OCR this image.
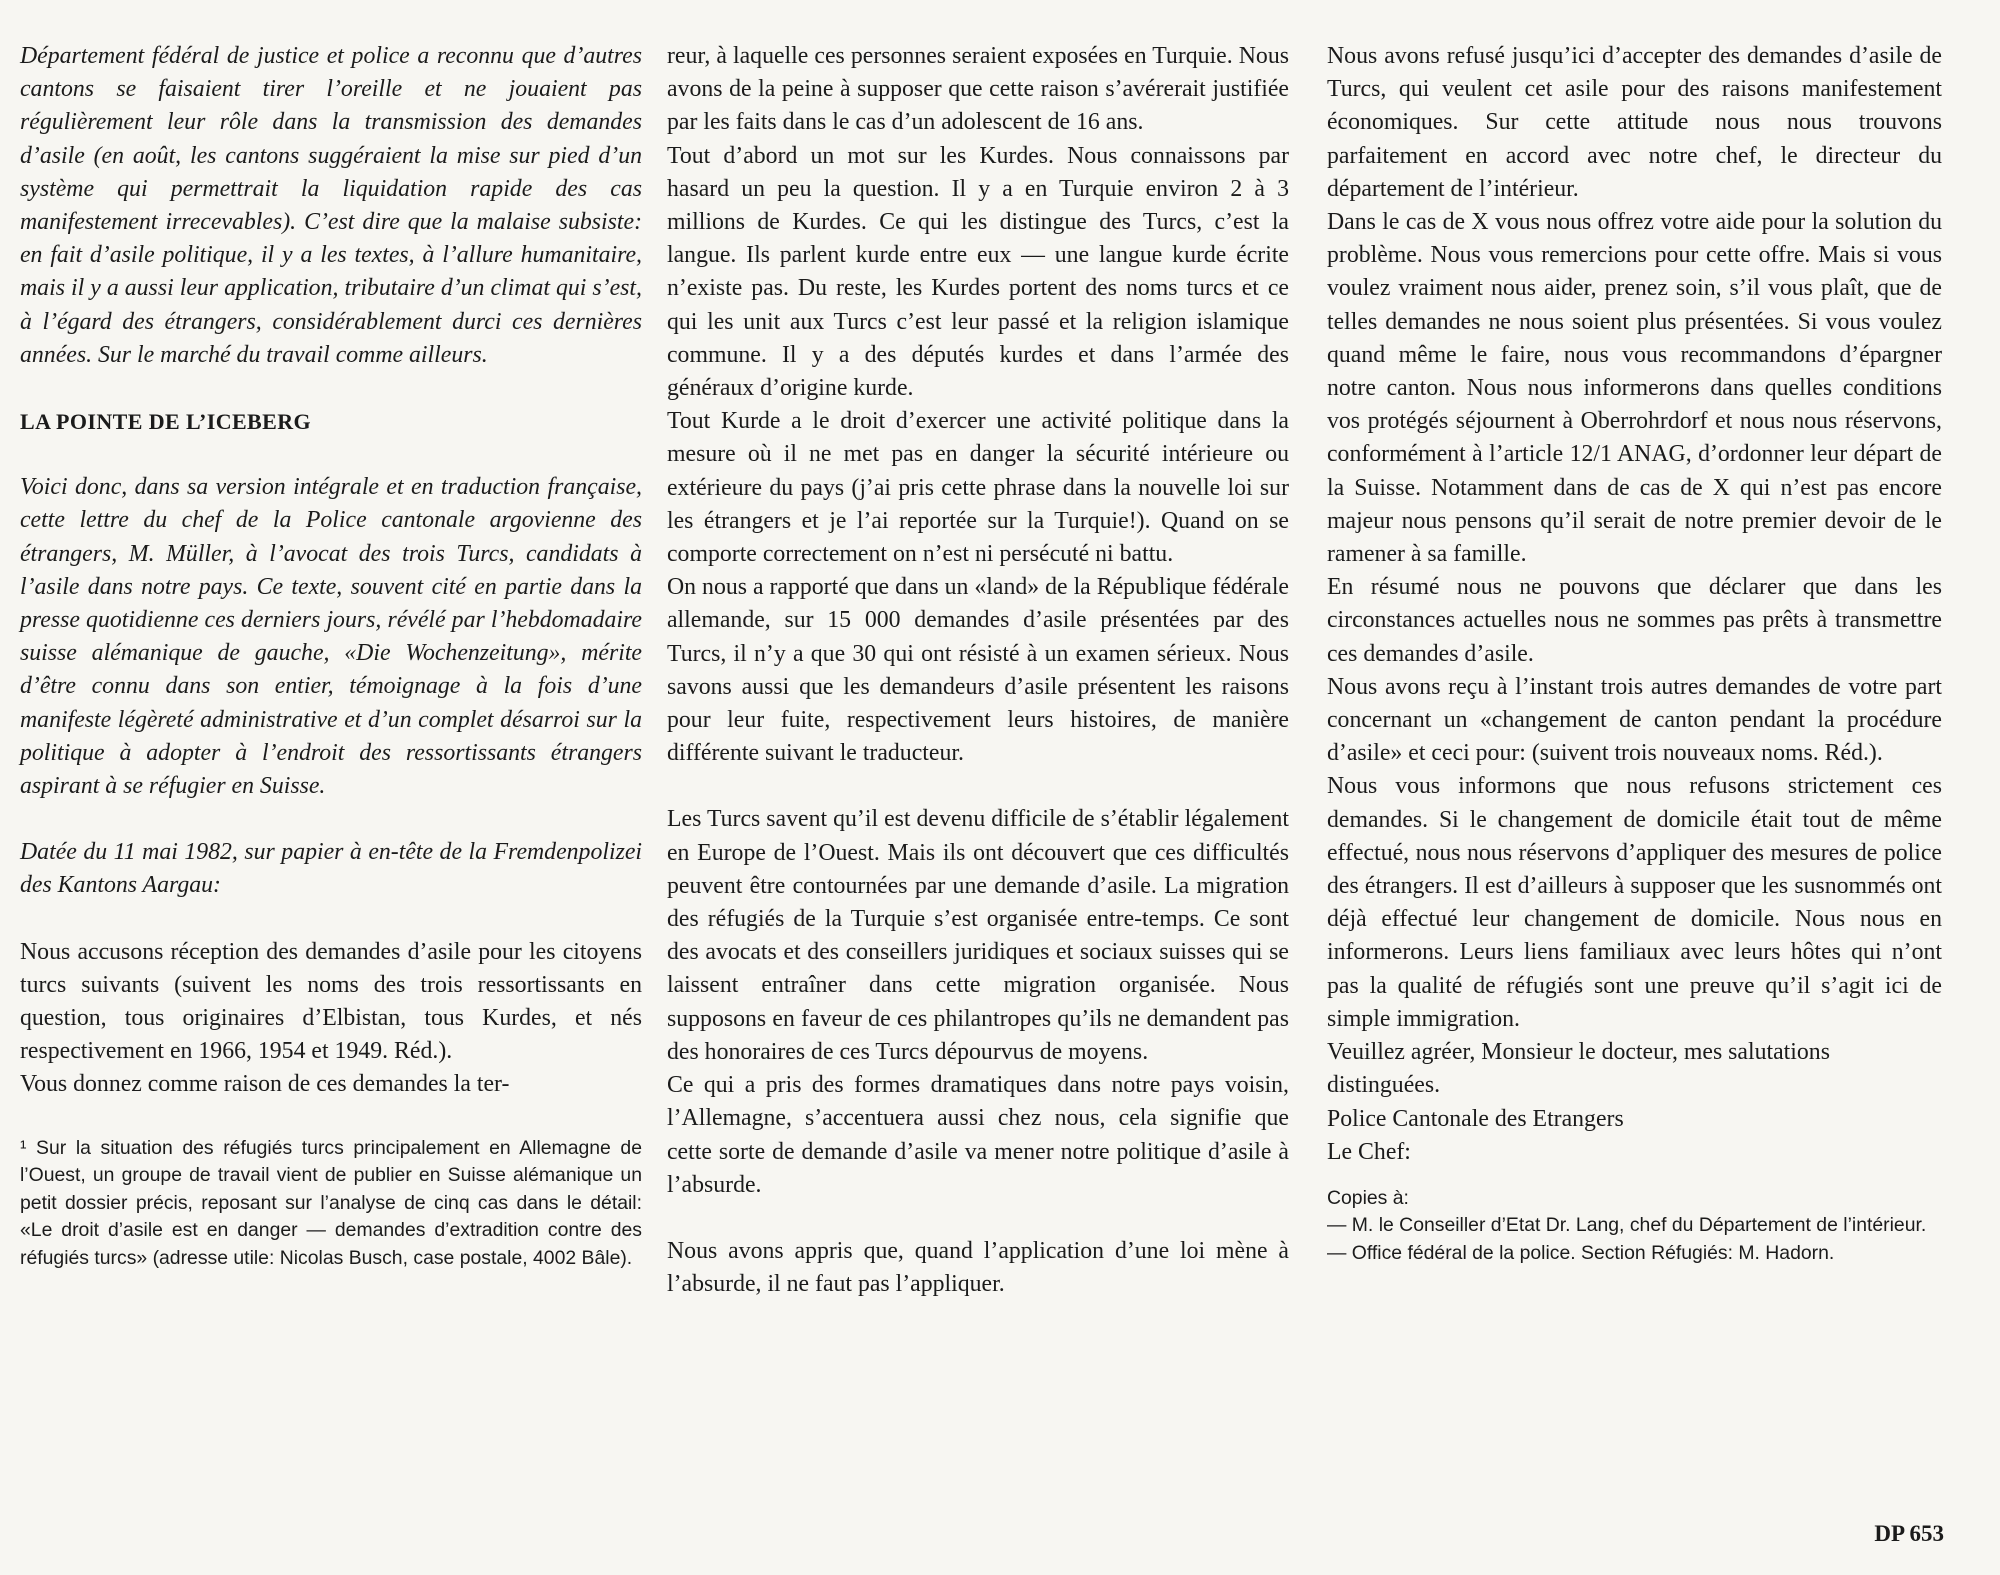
Département fédéral de justice et police a reconnu que d’autres cantons se faisaient tirer l’oreille et ne jouaient pas régulièrement leur rôle dans la transmission des demandes d’asile (en août, les cantons suggéraient la mise sur pied d’un système qui permettrait la liquidation rapide des cas manifestement irrecevables). C’est dire que la malaise subsiste: en fait d’asile politique, il y a les textes, à l’allure humanitaire, mais il y a aussi leur application, tributaire d’un climat qui s’est, à l’égard des étrangers, considérablement durci ces dernières années. Sur le marché du travail comme ailleurs.

LA POINTE DE L’ICEBERG

Voici donc, dans sa version intégrale et en traduction française, cette lettre du chef de la Police cantonale argovienne des étrangers, M. Müller, à l’avocat des trois Turcs, candidats à l’asile dans notre pays. Ce texte, souvent cité en partie dans la presse quotidienne ces derniers jours, révélé par l’hebdomadaire suisse alémanique de gauche, «Die Wochenzeitung», mérite d’être connu dans son entier, témoignage à la fois d’une manifeste légèreté administrative et d’un complet désarroi sur la politique à adopter à l’endroit des ressortissants étrangers aspirant à se réfugier en Suisse.

Datée du 11 mai 1982, sur papier à en-tête de la Fremdenpolizei des Kantons Aargau:

Nous accusons réception des demandes d’asile pour les citoyens turcs suivants (suivent les noms des trois ressortissants en question, tous originaires d’Elbistan, tous Kurdes, et nés respectivement en 1966, 1954 et 1949. Réd.).

Vous donnez comme raison de ces demandes la ter-

¹ Sur la situation des réfugiés turcs principalement en Allemagne de l’Ouest, un groupe de travail vient de publier en Suisse alémanique un petit dossier précis, reposant sur l’analyse de cinq cas dans le détail: «Le droit d’asile est en danger — demandes d’extradition contre des réfugiés turcs» (adresse utile: Nicolas Busch, case postale, 4002 Bâle).

reur, à laquelle ces personnes seraient exposées en Turquie. Nous avons de la peine à supposer que cette raison s’avérerait justifiée par les faits dans le cas d’un adolescent de 16 ans.

Tout d’abord un mot sur les Kurdes. Nous connaissons par hasard un peu la question. Il y a en Turquie environ 2 à 3 millions de Kurdes. Ce qui les distingue des Turcs, c’est la langue. Ils parlent kurde entre eux — une langue kurde écrite n’existe pas. Du reste, les Kurdes portent des noms turcs et ce qui les unit aux Turcs c’est leur passé et la religion islamique commune. Il y a des députés kurdes et dans l’armée des généraux d’origine kurde.

Tout Kurde a le droit d’exercer une activité politique dans la mesure où il ne met pas en danger la sécurité intérieure ou extérieure du pays (j’ai pris cette phrase dans la nouvelle loi sur les étrangers et je l’ai reportée sur la Turquie!). Quand on se comporte correctement on n’est ni persécuté ni battu.

On nous a rapporté que dans un «land» de la République fédérale allemande, sur 15 000 demandes d’asile présentées par des Turcs, il n’y a que 30 qui ont résisté à un examen sérieux. Nous savons aussi que les demandeurs d’asile présentent les raisons pour leur fuite, respectivement leurs histoires, de manière différente suivant le traducteur.

Les Turcs savent qu’il est devenu difficile de s’établir légalement en Europe de l’Ouest. Mais ils ont découvert que ces difficultés peuvent être contournées par une demande d’asile. La migration des réfugiés de la Turquie s’est organisée entre-temps. Ce sont des avocats et des conseillers juridiques et sociaux suisses qui se laissent entraîner dans cette migration organisée. Nous supposons en faveur de ces philantropes qu’ils ne demandent pas des honoraires de ces Turcs dépourvus de moyens.

Ce qui a pris des formes dramatiques dans notre pays voisin, l’Allemagne, s’accentuera aussi chez nous, cela signifie que cette sorte de demande d’asile va mener notre politique d’asile à l’absurde.

Nous avons appris que, quand l’application d’une loi mène à l’absurde, il ne faut pas l’appliquer.

Nous avons refusé jusqu’ici d’accepter des demandes d’asile de Turcs, qui veulent cet asile pour des raisons manifestement économiques. Sur cette attitude nous nous trouvons parfaitement en accord avec notre chef, le directeur du département de l’intérieur.

Dans le cas de X vous nous offrez votre aide pour la solution du problème. Nous vous remercions pour cette offre. Mais si vous voulez vraiment nous aider, prenez soin, s’il vous plaît, que de telles demandes ne nous soient plus présentées. Si vous voulez quand même le faire, nous vous recommandons d’épargner notre canton. Nous nous informerons dans quelles conditions vos protégés séjournent à Oberrohrdorf et nous nous réservons, conformément à l’article 12/1 ANAG, d’ordonner leur départ de la Suisse. Notamment dans de cas de X qui n’est pas encore majeur nous pensons qu’il serait de notre premier devoir de le ramener à sa famille.

En résumé nous ne pouvons que déclarer que dans les circonstances actuelles nous ne sommes pas prêts à transmettre ces demandes d’asile.

Nous avons reçu à l’instant trois autres demandes de votre part concernant un «changement de canton pendant la procédure d’asile» et ceci pour: (suivent trois nouveaux noms. Réd.).

Nous vous informons que nous refusons strictement ces demandes. Si le changement de domicile était tout de même effectué, nous nous réservons d’appliquer des mesures de police des étrangers. Il est d’ailleurs à supposer que les susnommés ont déjà effectué leur changement de domicile. Nous nous en informerons. Leurs liens familiaux avec leurs hôtes qui n’ont pas la qualité de réfugiés sont une preuve qu’il s’agit ici de simple immigration.

Veuillez agréer, Monsieur le docteur, mes salutations distinguées.

Police Cantonale des Etrangers

Le Chef:

Copies à:

— M. le Conseiller d’Etat Dr. Lang, chef du Département de l’intérieur.

— Office fédéral de la police. Section Réfugiés: M. Hadorn.

DP 653
